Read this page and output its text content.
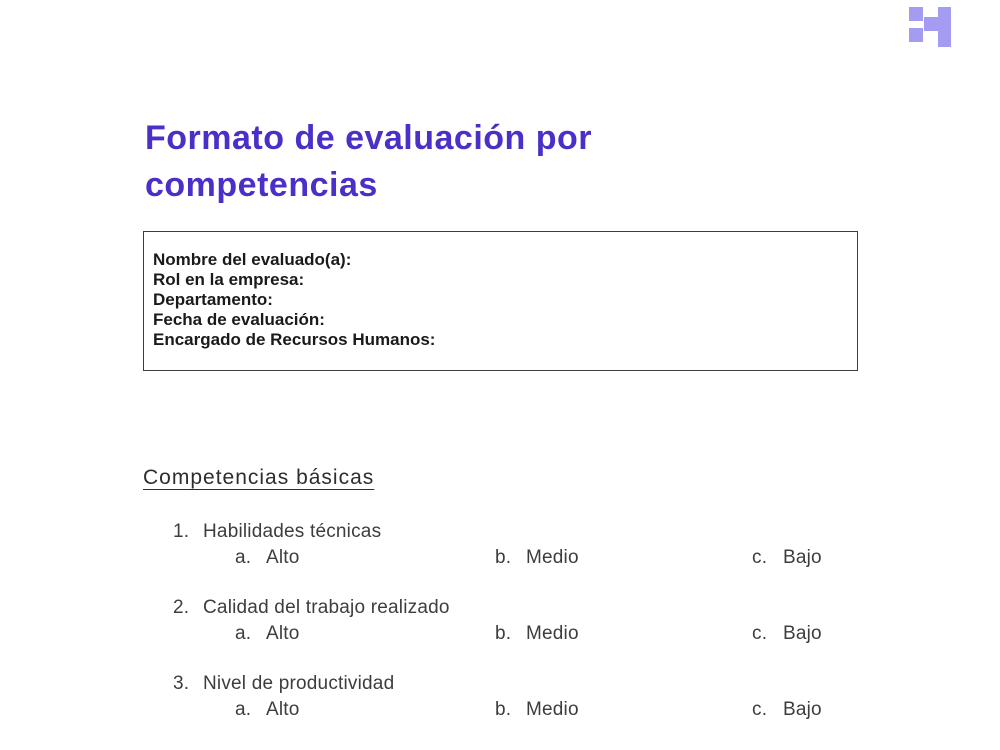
Formato de evaluación por competencias
Nombre del evaluado(a):
Rol en la empresa:
Departamento:
Fecha de evaluación:
Encargado de Recursos Humanos:
Competencias básicas
1. Habilidades técnicas
a. Alto	b. Medio	c. Bajo
2. Calidad del trabajo realizado
a. Alto	b. Medio	c. Bajo
3. Nivel de productividad
a. Alto	b. Medio	c. Bajo
